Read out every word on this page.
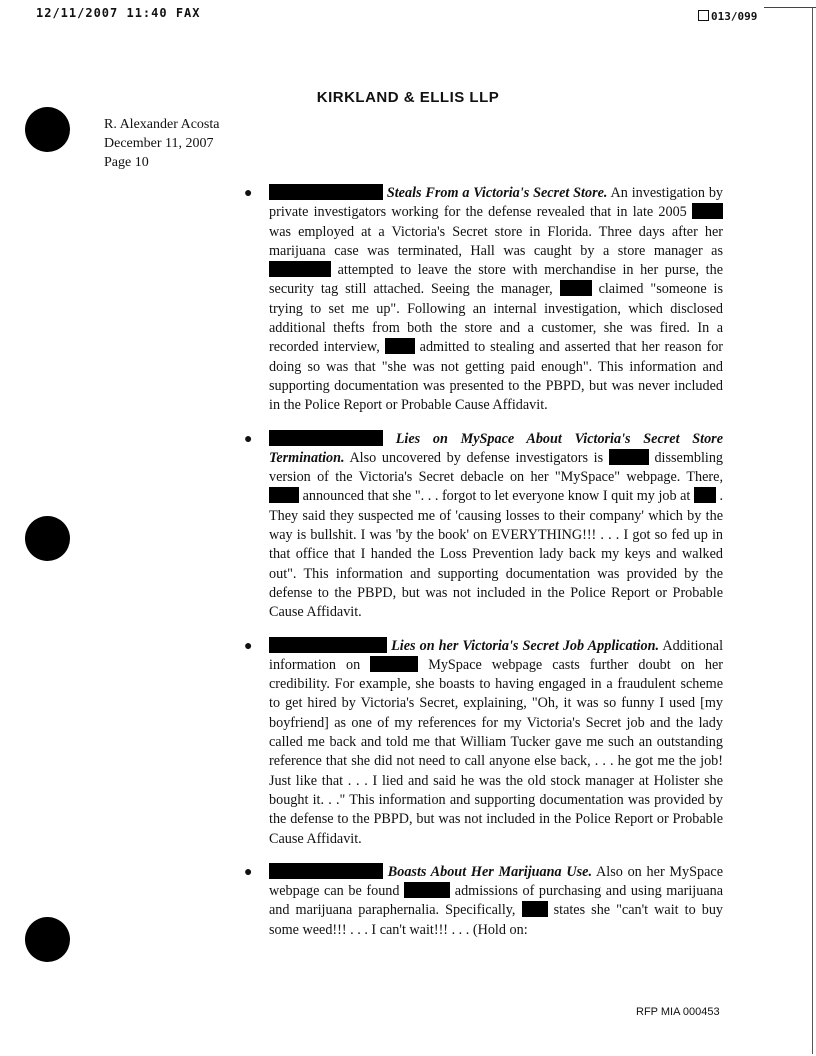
12/11/2007 11:40 FAX	013/099
KIRKLAND & ELLIS LLP
R. Alexander Acosta
December 11, 2007
Page 10
●	Steals From a Victoria's Secret Store. An investigation by private investigators working for the defense revealed that in late 2005  was employed at a Victoria's Secret store in Florida. Three days after her marijuana case was terminated, Hall was caught by a store manager as  attempted to leave the store with merchandise in her purse, the security tag still attached. Seeing the manager,	claimed "someone is trying to set me up". Following an internal investigation, which disclosed additional thefts from both the store and a customer, she was fired. In a recorded interview,	admitted to stealing and asserted that her reason for doing so was that "she was not getting paid enough". This information and supporting documentation was presented to the PBPD, but was never included in the Police Report or Probable Cause Affidavit.
●	Lies on MySpace About Victoria's Secret Store Termination. Also uncovered by defense investigators is	dissembling version of the Victoria's Secret debacle on her "MySpace" webpage. There,  announced that she ". . . forgot to let everyone know I quit my job at . They said they suspected me of 'causing losses to their company' which by the way is bullshit. I was 'by the book' on EVERYTHING!!! . . . I got so fed up in that office that I handed the Loss Prevention lady back my keys and walked out". This information and supporting documentation was provided by the defense to the PBPD, but was not included in the Police Report or Probable Cause Affidavit.
●	Lies on her Victoria's Secret Job Application. Additional information on	MySpace webpage casts further doubt on her credibility. For example, she boasts to having engaged in a fraudulent scheme to get hired by Victoria's Secret, explaining, "Oh, it was so funny I used [my boyfriend] as one of my references for my Victoria's Secret job and the lady called me back and told me that William Tucker gave me such an outstanding reference that she did not need to call anyone else back, . . . he got me the job! Just like that . . . I lied and said he was the old stock manager at Holister she bought it. . ." This information and supporting documentation was provided by the defense to the PBPD, but was not included in the Police Report or Probable Cause Affidavit.
●	Boasts About Her Marijuana Use. Also on her MySpace webpage can be found	admissions of purchasing and using marijuana and marijuana paraphernalia. Specifically,	states she "can't wait to buy some weed!!! . . . I can't wait!!! . . . (Hold on:
RFP MIA 000453
